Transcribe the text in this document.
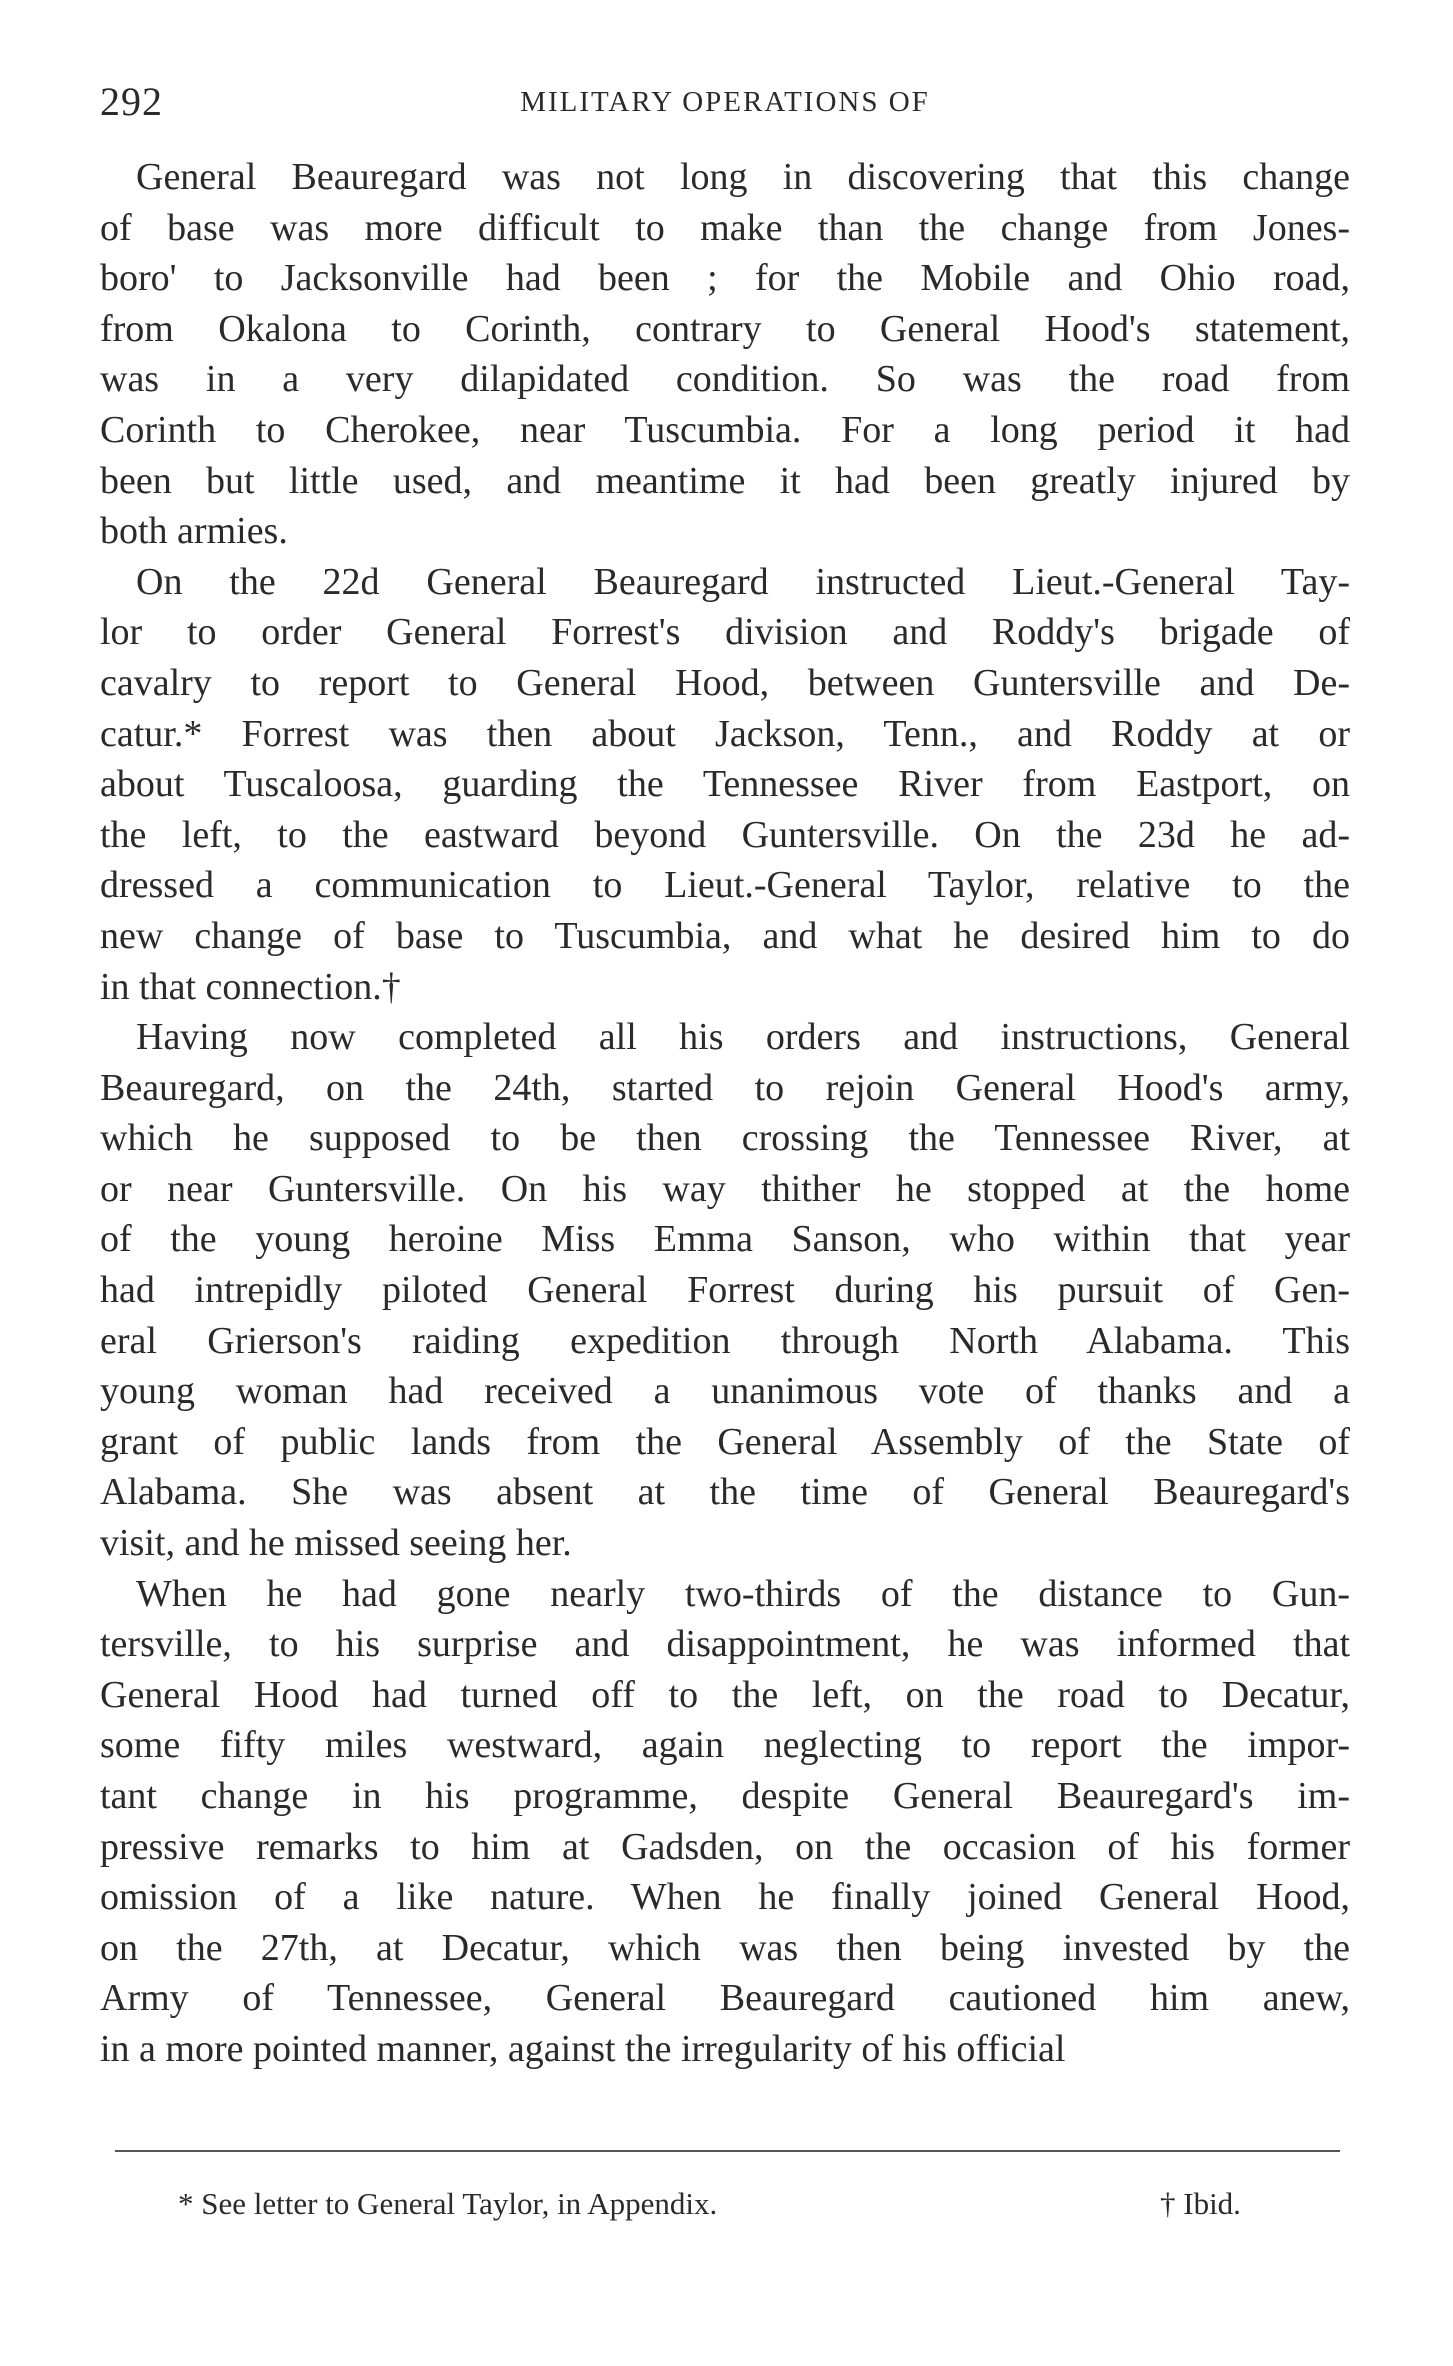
292	MILITARY OPERATIONS OF
General Beauregard was not long in discovering that this change
of base was more difficult to make than the change from Jones-
boro' to Jacksonville had been ; for the Mobile and Ohio road,
from Okalona to Corinth, contrary to General Hood's statement,
was in a very dilapidated condition. So was the road from
Corinth to Cherokee, near Tuscumbia. For a long period it had
been but little used, and meantime it had been greatly injured by
both armies.
On the 22d General Beauregard instructed Lieut.-General Tay-
lor to order General Forrest's division and Roddy's brigade of
cavalry to report to General Hood, between Guntersville and De-
catur.* Forrest was then about Jackson, Tenn., and Roddy at or
about Tuscaloosa, guarding the Tennessee River from Eastport, on
the left, to the eastward beyond Guntersville. On the 23d he ad-
dressed a communication to Lieut.-General Taylor, relative to the
new change of base to Tuscumbia, and what he desired him to do
in that connection.†
Having now completed all his orders and instructions, General
Beauregard, on the 24th, started to rejoin General Hood's army,
which he supposed to be then crossing the Tennessee River, at
or near Guntersville. On his way thither he stopped at the home
of the young heroine Miss Emma Sanson, who within that year
had intrepidly piloted General Forrest during his pursuit of Gen-
eral Grierson's raiding expedition through North Alabama. This
young woman had received a unanimous vote of thanks and a
grant of public lands from the General Assembly of the State of
Alabama. She was absent at the time of General Beauregard's
visit, and he missed seeing her.
When he had gone nearly two-thirds of the distance to Gun-
tersville, to his surprise and disappointment, he was informed that
General Hood had turned off to the left, on the road to Decatur,
some fifty miles westward, again neglecting to report the impor-
tant change in his programme, despite General Beauregard's im-
pressive remarks to him at Gadsden, on the occasion of his former
omission of a like nature. When he finally joined General Hood,
on the 27th, at Decatur, which was then being invested by the
Army of Tennessee, General Beauregard cautioned him anew,
in a more pointed manner, against the irregularity of his official
* See letter to General Taylor, in Appendix.	† Ibid.
